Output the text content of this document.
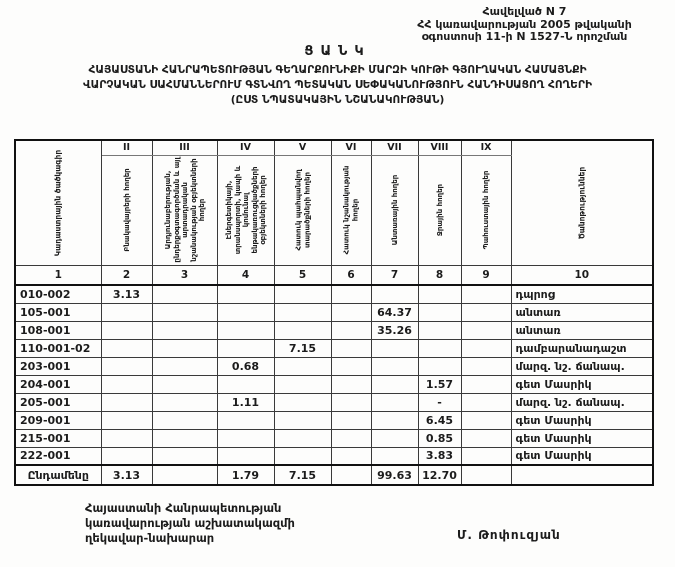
Հավելված N 7
ՀՀ կառավարության 2005 թվականի
օգոստոսի 11-ի N 1527-Ն որոշման
ՑԱՆԿ
ՀԱՅԱՍՏԱՆԻ ՀԱՆՐԱՊԵՏՈՒԹՅԱՆ ԳԵՂԱՐՔՈՒՆԻՔԻ ՄԱՐԶԻ ԿՈՒԹԻ ԳՅՈՒՂԱԿԱՆ ՀԱՄԱՅՆՔԻ
ՎԱՐՉԱԿԱՆ ՍԱՀՄԱՆՆԵՐՈՒՄ ԳՏՆՎՈՂ ՊԵՏԱԿԱՆ ՍԵՓԱԿԱՆՈՒԹՅՈՒՆ ՀԱՆԴԻՍԱՑՈՂ ՀՈՂԵՐԻ
(ԸՍՏ ՆՊԱՏԱԿԱՅԻՆ ՆՇԱՆԱԿՈՒԹՅԱՆ)
Կադաստրային ծածկագիր	II	III	IV	V	VI	VII	VIII	IX	Ծանոթություններ

	Բնակավայրերի հողեր	Արդյունաբերության, ընդերքօգտագործման և այլ արտադրական նշանակության օբյեկտների հողեր	Էներգետիկայի, տրանսպորտի, կապի և կոմունալ ենթակառուցվածքների օբյեկտների հողեր	Հատուկ պահպանվող տարածքների հողեր	Հատուկ նշանակության հողեր	Անտառային հողեր	Ջրային հողեր	Պահուստային հողեր	

1	2	3	4	5	6	7	8	9	10
010-002	3.13								դպրոց
105-001						64.37			անտառ
108-001						35.26			անտառ
110-001-02				7.15					դամբարանադաշտ
203-001			0.68						մարզ. նշ. ճանապ.
204-001							1.57		գետ Մասրիկ
205-001			1.11				-		մարզ. նշ. ճանապ.
209-001							6.45		գետ Մասրիկ
215-001							0.85		գետ Մասրիկ
222-001							3.83		գետ Մասրիկ
Ընդամենը	3.13		1.79	7.15		99.63	12.70		
Հայաստանի Հանրապետության
կառավարության աշխատակազմի
ղեկավար-նախարար	Մ. Թոփուզյան
